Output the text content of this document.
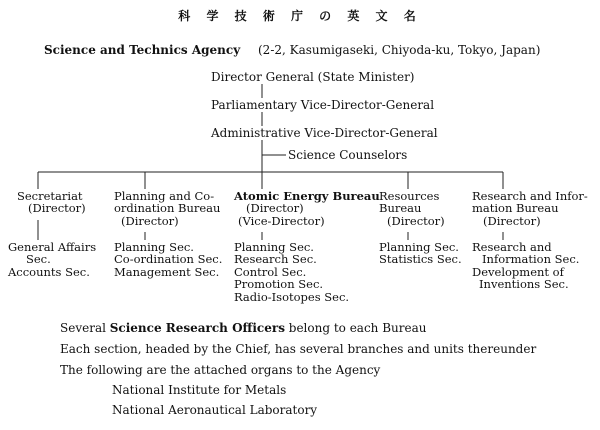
科 学 技 術 庁 の 英 文 名
Science and Technics Agency (2-2, Kasumigaseki, Chiyoda-ku, Tokyo, Japan)
Director General (State Minister)
Parliamentary Vice-Director-General
Administrative Vice-Director-General
Science Counselors
Secretariat
(Director)
General Affairs
Sec.
Accounts Sec.
Planning and Co-
ordination Bureau
(Director)
Planning Sec.
Co-ordination Sec.
Management Sec.
Atomic Energy Bureau
(Director)
(Vice-Director)
Planning Sec.
Research Sec.
Control Sec.
Promotion Sec.
Radio-Isotopes Sec.
Resources
Bureau
(Director)
Planning Sec.
Statistics Sec.
Research and Infor-
mation Bureau
(Director)
Research and
Information Sec.
Development of
Inventions Sec.
Several Science Research Officers belong to each Bureau
Each section, headed by the Chief, has several branches and units thereunder
The following are the attached organs to the Agency
National Institute for Metals
National Aeronautical Laboratory
